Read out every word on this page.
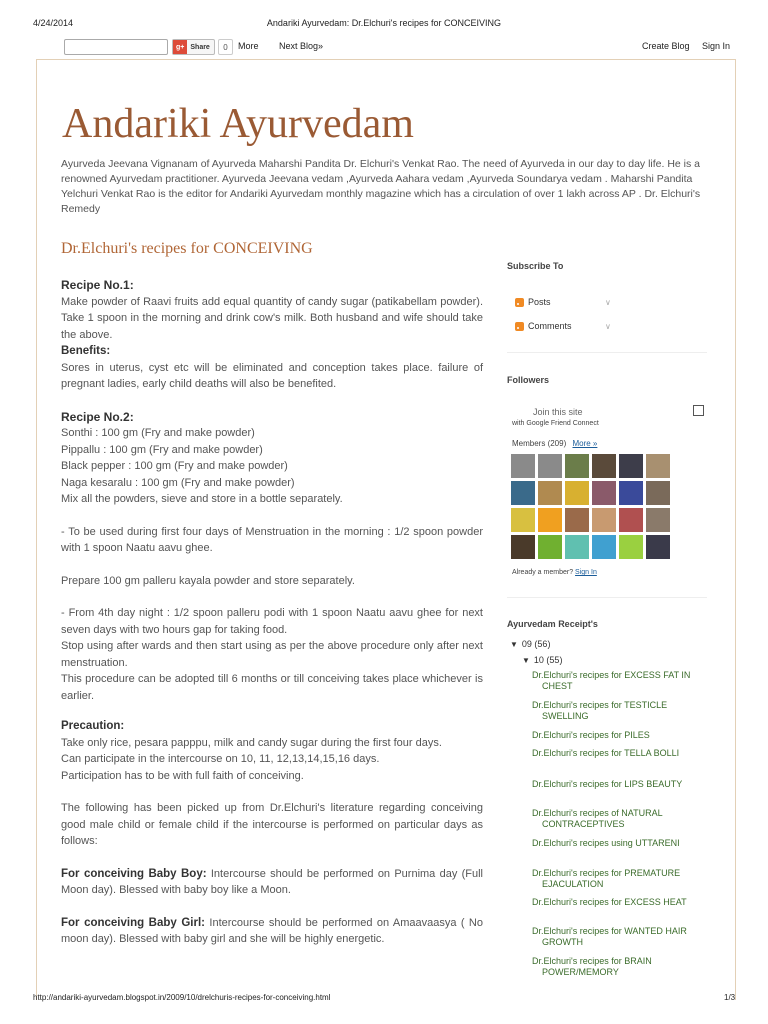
4/24/2014	Andariki Ayurvedam: Dr.Elchuri's recipes for CONCEIVING
g+ Share	0	More Next Blog»	Create Blog Sign In
Andariki Ayurvedam
Ayurveda Jeevana Vignanam of Ayurveda Maharshi Pandita Dr. Elchuri's Venkat Rao. The need of Ayurveda in our day to day life. He is a renowned Ayurvedam practitioner. Ayurveda Jeevana vedam ,Ayurveda Aahara vedam ,Ayurveda Soundarya vedam . Maharshi Pandita Yelchuri Venkat Rao is the editor for Andariki Ayurvedam monthly magazine which has a circulation of over 1 lakh across AP . Dr. Elchuri's Remedy
Dr.Elchuri's recipes for CONCEIVING

Recipe No.1:

Make powder of Raavi fruits add equal quantity of candy sugar (patikabellam powder). Take 1 spoon in the morning and drink cow's milk. Both husband and wife should take the above.

Benefits:

Sores in uterus, cyst etc will be eliminated and conception takes place. failure of pregnant ladies, early child deaths will also be benefited.

Recipe No.2:

Sonthi : 100 gm (Fry and make powder)

Pippallu : 100 gm (Fry and make powder)

Black pepper : 100 gm (Fry and make powder)

Naga kesaralu : 100 gm (Fry and make powder)

Mix all the powders, sieve and store in a bottle separately.

- To be used during first four days of Menstruation in the morning : 1/2 spoon powder with 1 spoon Naatu aavu ghee.

Prepare 100 gm palleru kayala powder and store separately.

- From 4th day night : 1/2 spoon palleru podi with 1 spoon Naatu aavu ghee for next seven days with two hours gap for taking food.

Stop using after wards and then start using as per the above procedure only after next menstruation.

This procedure can be adopted till 6 months or till conceiving takes place whichever is earlier.

Precaution:

Take only rice, pesara papppu, milk and candy sugar during the first four days.

Can participate in the intercourse on 10, 11, 12,13,14,15,16 days.

Participation has to be with full faith of conceiving.

The following has been picked up from Dr.Elchuri's literature regarding conceiving good male child or female child if the intercourse is performed on particular days as follows:

For conceiving Baby Boy: Intercourse should be performed on Purnima day (Full Moon day). Blessed with baby boy like a Moon.

For conceiving Baby Girl: Intercourse should be performed on Amaavaasya ( No moon day). Blessed with baby girl and she will be highly energetic.

Subscribe To
Posts	∨
Comments	∨
Followers
Join this site
with Google Friend Connect
Members (209) More »
Already a member? Sign In
Ayurvedam Receipt's
▼ 09 (56)
▼ 10 (55)
Dr.Elchuri's recipes for EXCESS FAT IN CHEST
Dr.Elchuri's recipes for TESTICLE SWELLING
Dr.Elchuri's recipes for PILES
Dr.Elchuri's recipes for TELLA BOLLI
Dr.Elchuri's recipes for LIPS BEAUTY
Dr.Elchuri's recipes of NATURAL CONTRACEPTIVES
Dr.Elchuri's recipes using UTTARENI
Dr.Elchuri's recipes for PREMATURE EJACULATION
Dr.Elchuri's recipes for EXCESS HEAT
Dr.Elchuri's recipes for WANTED HAIR GROWTH
Dr.Elchuri's recipes for BRAIN POWER/MEMORY
http://andariki-ayurvedam.blogspot.in/2009/10/drelchuris-recipes-for-conceiving.html	1/3
